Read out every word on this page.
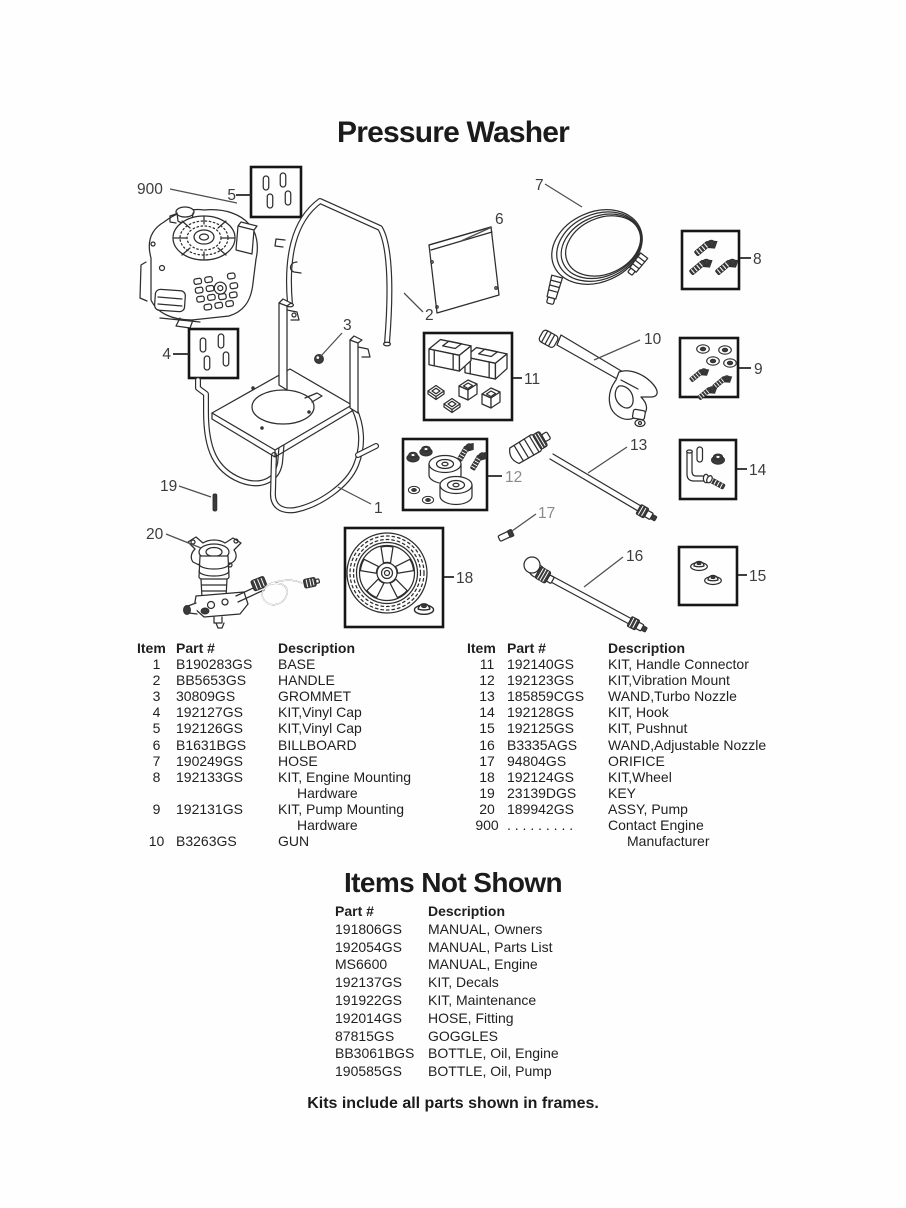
Pressure Washer
900	5
4
3
2
6
7
8
9
10
11
1
12
13
14
17
16
15
18
19
20
Item Part #	Description
1	B190283GS	BASE
2	BB5653GS	HANDLE
3	30809GS	GROMMET
4	192127GS	KIT,Vinyl Cap
5	192126GS	KIT,Vinyl Cap
6	B1631BGS	BILLBOARD
7	190249GS	HOSE
8	192133GS	KIT, Engine Mounting
Hardware
9	192131GS	KIT, Pump Mounting
Hardware
10 B3263GS	GUN
Item Part #	Description
11 192140GS	KIT, Handle Connector
12 192123GS	KIT,Vibration Mount
13 185859CGS	WAND,Turbo Nozzle
14 192128GS	KIT, Hook
15 192125GS	KIT, Pushnut
16 B3335AGS	WAND,Adjustable Nozzle
17 94804GS	ORIFICE
18 192124GS	KIT,Wheel
19 23139DGS	KEY
20 189942GS	ASSY, Pump
900 . . . . . . . . .	Contact Engine
Manufacturer
Items Not Shown
Part #	Description
191806GS	MANUAL, Owners
192054GS	MANUAL, Parts List
MS6600	MANUAL, Engine
192137GS	KIT, Decals
191922GS	KIT, Maintenance
192014GS	HOSE, Fitting
87815GS	GOGGLES
BB3061BGS BOTTLE, Oil, Engine
190585GS	BOTTLE, Oil, Pump
Kits include all parts shown in frames.
